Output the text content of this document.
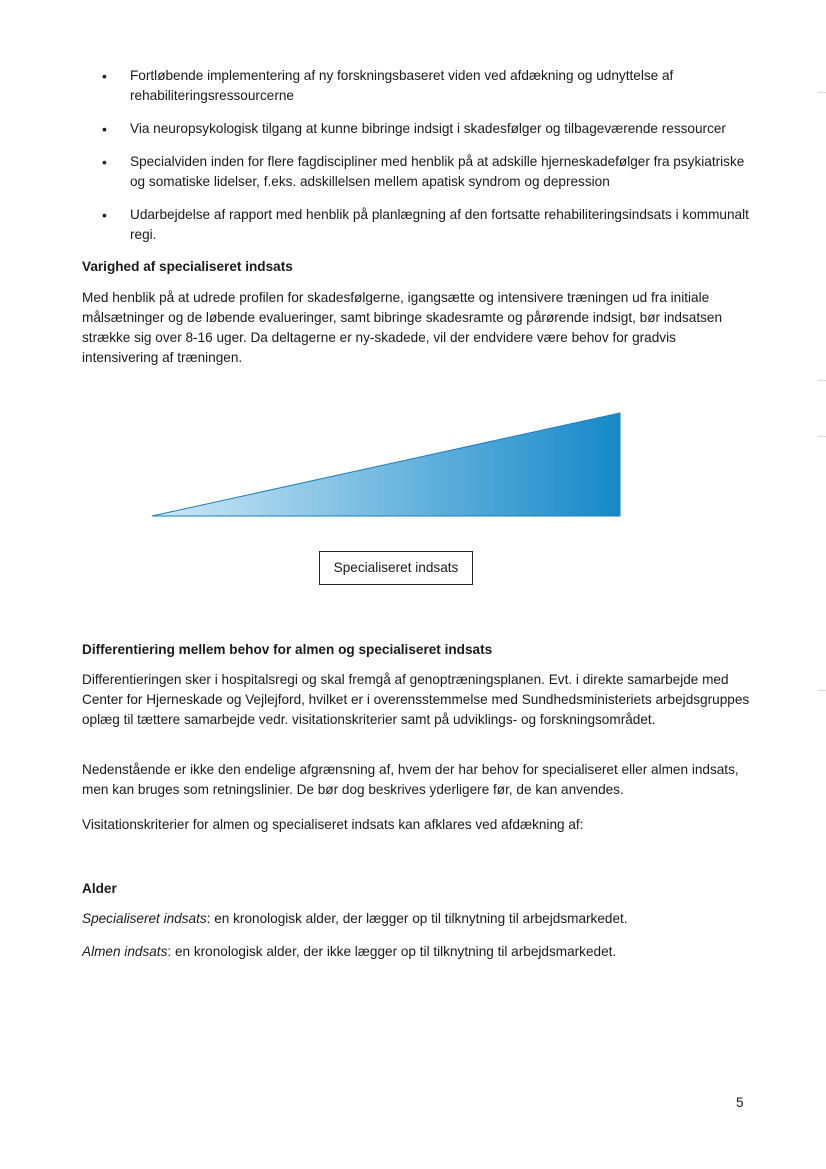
• Fortløbende implementering af ny forskningsbaseret viden ved afdækning og udnyttelse af rehabiliteringsressourcerne
• Via neuropsykologisk tilgang at kunne bibringe indsigt i skadesfølger og tilbageværende ressourcer
• Specialviden inden for flere fagdiscipliner med henblik på at adskille hjerneskadefølger fra psykiatriske og somatiske lidelser, f.eks. adskillelsen mellem apatisk syndrom og depression
• Udarbejdelse af rapport med henblik på planlægning af den fortsatte rehabiliteringsindsats i kommunalt regi.
Varighed af specialiseret indsats

Med henblik på at udrede profilen for skadesfølgerne, igangsætte og intensivere træningen ud fra initiale målsætninger og de løbende evalueringer, samt bibringe skadesramte og pårørende indsigt, bør indsatsen strække sig over 8-16 uger. Da deltagerne er ny-skadede, vil der endvidere være behov for gradvis intensivering af træningen.

Specialiseret indsats
Differentiering mellem behov for almen og specialiseret indsats

Differentieringen sker i hospitalsregi og skal fremgå af genoptræningsplanen. Evt. i direkte samarbejde med Center for Hjerneskade og Vejlejford, hvilket er i overensstemmelse med Sundhedsministeriets arbejdsgruppes oplæg til tættere samarbejde vedr. visitationskriterier samt på udviklings- og forskningsområdet.

Nedenstående er ikke den endelige afgrænsning af, hvem der har behov for specialiseret eller almen indsats, men kan bruges som retningslinier. De bør dog beskrives yderligere før, de kan anvendes.

Visitationskriterier for almen og specialiseret indsats kan afklares ved afdækning af:

Alder

Specialiseret indsats: en kronologisk alder, der lægger op til tilknytning til arbejdsmarkedet.

Almen indsats: en kronologisk alder, der ikke lægger op til tilknytning til arbejdsmarkedet.

5
